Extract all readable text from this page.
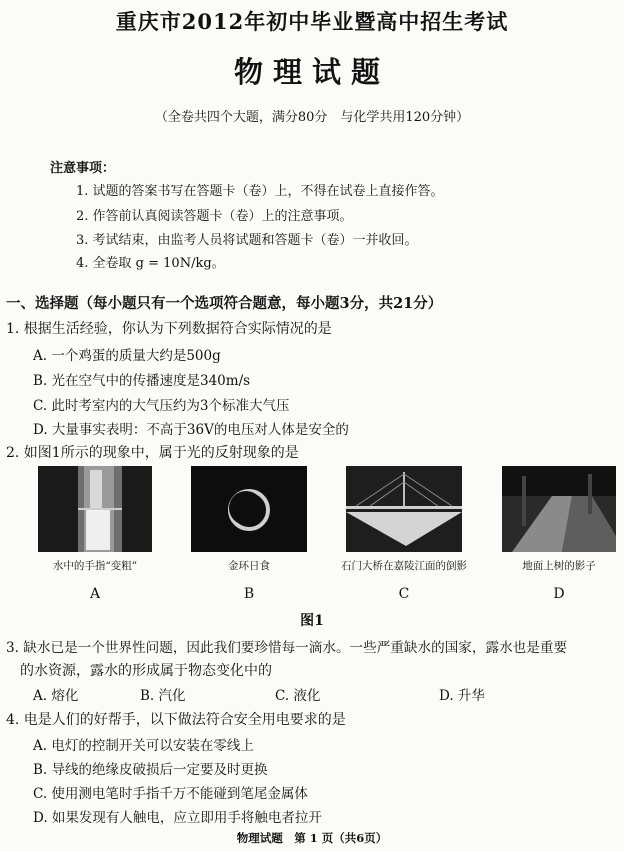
重庆市2012年初中毕业暨高中招生考试
物理试题
（全卷共四个大题，满分80分　与化学共用120分钟）
注意事项：
1. 试题的答案书写在答题卡（卷）上，不得在试卷上直接作答。
2. 作答前认真阅读答题卡（卷）上的注意事项。
3. 考试结束，由监考人员将试题和答题卡（卷）一并收回。
4. 全卷取 g = 10N/kg。
一、选择题（每小题只有一个选项符合题意，每小题3分，共21分）
1. 根据生活经验，你认为下列数据符合实际情况的是
A. 一个鸡蛋的质量大约是500g
B. 光在空气中的传播速度是340m/s
C. 此时考室内的大气压约为3个标准大气压
D. 大量事实表明：不高于36V的电压对人体是安全的
2. 如图1所示的现象中，属于光的反射现象的是
水中的手指“变粗”	金环日食	石门大桥在嘉陵江面的倒影	地面上树的影子
A	B	C	D
图1
3. 缺水已是一个世界性问题，因此我们要珍惜每一滴水。一些严重缺水的国家，露水也是重要
的水资源，露水的形成属于物态变化中的
A. 熔化	B. 汽化	C. 液化	D. 升华
4. 电是人们的好帮手，以下做法符合安全用电要求的是
A. 电灯的控制开关可以安装在零线上
B. 导线的绝缘皮破损后一定要及时更换
C. 使用测电笔时手指千万不能碰到笔尾金属体
D. 如果发现有人触电，应立即用手将触电者拉开
物理试题　第 1 页（共6页）
